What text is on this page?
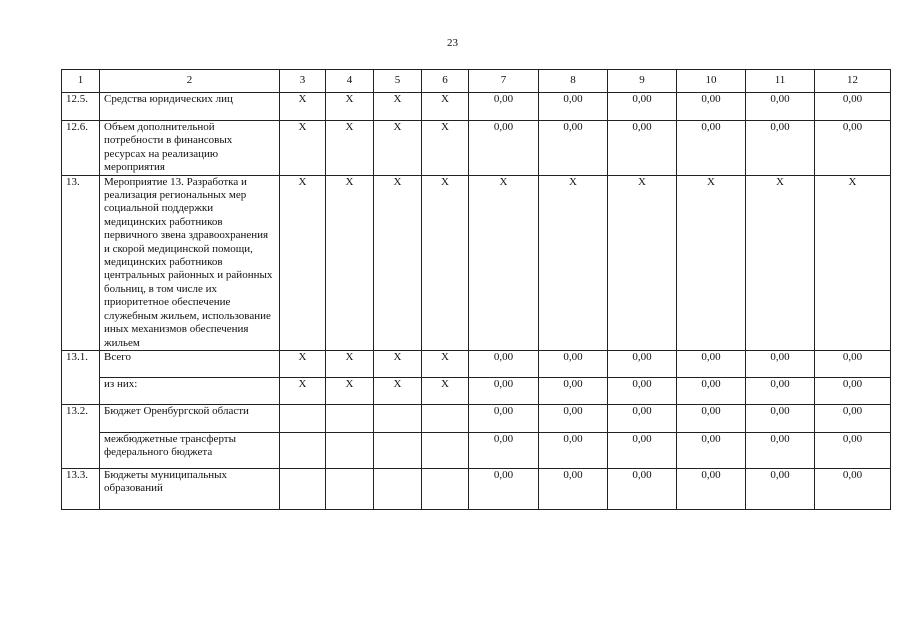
23
1	2	3	4	5	6	7	8	9	10	11	12
12.5.	Средства юридических лиц	Х	Х	Х	Х	0,00	0,00	0,00	0,00	0,00	0,00
12.6.	Объем дополнительной потребности в финансовых ресурсах на реализацию мероприятия	Х	Х	Х	Х	0,00	0,00	0,00	0,00	0,00	0,00
13.	Мероприятие 13. Разработка и реализация региональных мер социальной поддержки медицинских работников первичного звена здравоохранения и скорой медицинской помощи, медицинских работников центральных районных и районных больниц, в том числе их приоритетное обеспечение служебным жильем, использование иных механизмов обеспечения жильем	Х	Х	Х	Х	Х	Х	Х	Х	Х	Х
13.1.	Всего	Х	Х	Х	Х	0,00	0,00	0,00	0,00	0,00	0,00
	из них:	Х	Х	Х	Х	0,00	0,00	0,00	0,00	0,00	0,00
13.2.	Бюджет Оренбургской области					0,00	0,00	0,00	0,00	0,00	0,00
	межбюджетные трансферты федерального бюджета					0,00	0,00	0,00	0,00	0,00	0,00
13.3.	Бюджеты муниципальных образований					0,00	0,00	0,00	0,00	0,00	0,00
